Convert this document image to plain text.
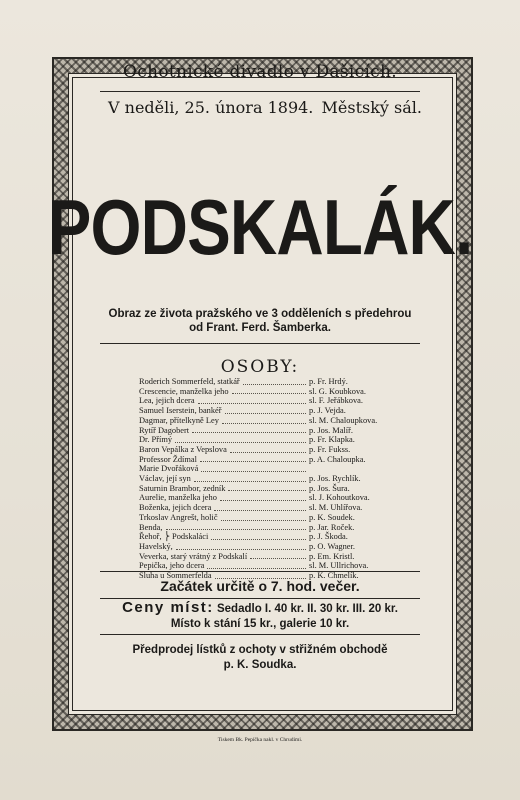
Ochotnické divadlo v Dašicích.
V neděli, 25. února 1894. Městský sál.
PODSKALÁK.
Obraz ze života pražského ve 3 odděleních s předehrou
od Frant. Ferd. Šamberka.
OSOBY:
Roderich Sommerfeld, statkář	p. Fr. Hrdý.
Crescencie, manželka jeho	sl. G. Koubkova.
Lea, jejich dcera	sl. F. Jeřábkova.
Samuel Iserstein, bankéř	p. J. Vejda.
Dagmar, přítelkyně Ley	sl. M. Chaloupkova.
Rytíř Dagobert	p. Jos. Malíř.
Dr. Přímý	p. Fr. Klapka.
Baron Vepálka z Vepslova	p. Fr. Fukss.
Professor Ždímal	p. A. Chaloupka.
Marie Dvořáková
Václav, její syn	p. Jos. Rychlík.
Saturnin Brambor, zedník	p. Jos. Šura.
Aurelie, manželka jeho	sl. J. Kohoutkova.
Boženka, jejich dcera	sl. M. Uhlířova.
Trkoslav Angrešt, holič	p. K. Soudek.
Benda,	p. Jar. Roček.
Řehoř, ⎬ Podskaláci	p. J. Škoda.
Havelský,	p. O. Wagner.
Veverka, starý vrátný z Podskalí	p. Em. Kristl.
Pepička, jeho dcera	sl. M. Ullrichova.
Sluha u Sommerfelda	p. K. Chmelík.
Začátek určitě o 7. hod. večer.
Ceny míst: Sedadlo I. 40 kr. II. 30 kr. III. 20 kr.
Místo k stání 15 kr., galerie 10 kr.
Předprodej lístků z ochoty v střižném obchodě
p. K. Soudka.
Tiskem Bk. Pepíčka nakl. v Chrudimi.
